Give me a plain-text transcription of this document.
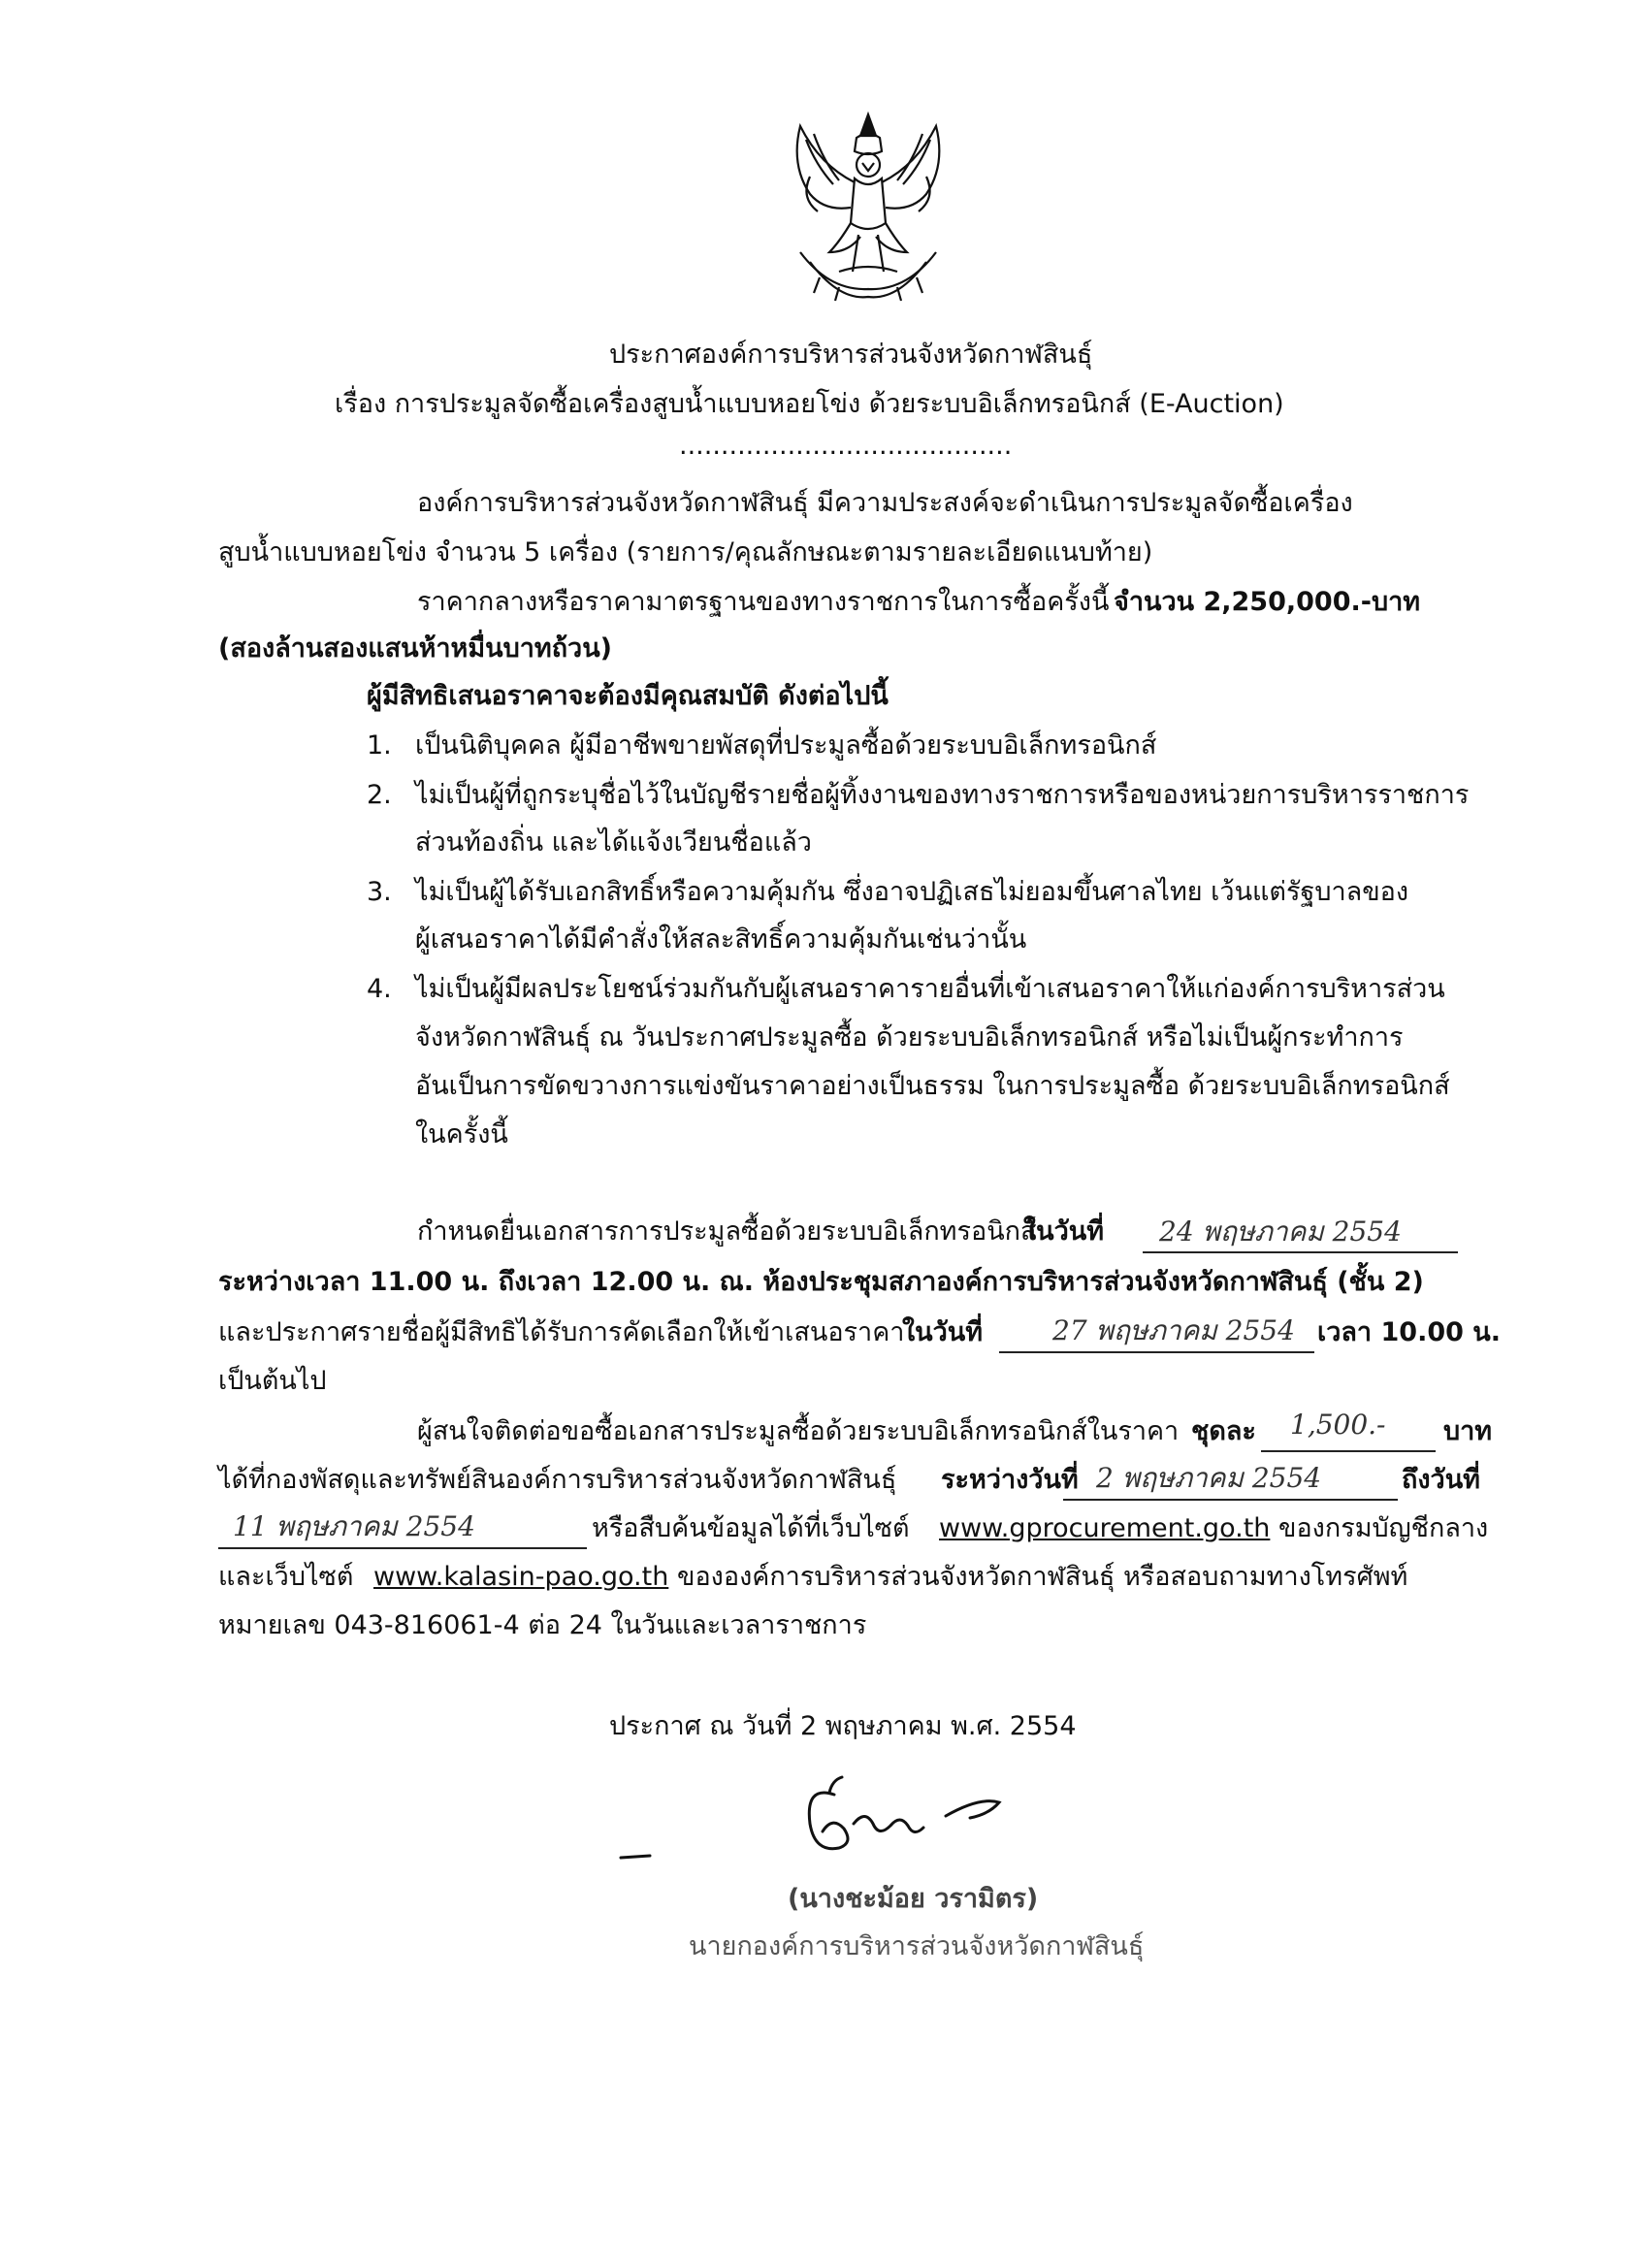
ประกาศองค์การบริหารส่วนจังหวัดกาฬสินธุ์
เรื่อง การประมูลจัดซื้อเครื่องสูบน้ำแบบหอยโข่ง ด้วยระบบอิเล็กทรอนิกส์ (E-Auction)
........................................
องค์การบริหารส่วนจังหวัดกาฬสินธุ์ มีความประสงค์จะดำเนินการประมูลจัดซื้อเครื่อง
สูบน้ำแบบหอยโข่ง จำนวน 5 เครื่อง (รายการ/คุณลักษณะตามรายละเอียดแนบท้าย)
ราคากลางหรือราคามาตรฐานของทางราชการในการซื้อครั้งนี้ จำนวน 2,250,000.-บาท
(สองล้านสองแสนห้าหมื่นบาทถ้วน)
ผู้มีสิทธิเสนอราคาจะต้องมีคุณสมบัติ ดังต่อไปนี้
1. เป็นนิติบุคคล ผู้มีอาชีพขายพัสดุที่ประมูลซื้อด้วยระบบอิเล็กทรอนิกส์
2. ไม่เป็นผู้ที่ถูกระบุชื่อไว้ในบัญชีรายชื่อผู้ทิ้งงานของทางราชการหรือของหน่วยการบริหารราชการ
ส่วนท้องถิ่น และได้แจ้งเวียนชื่อแล้ว
3. ไม่เป็นผู้ได้รับเอกสิทธิ์หรือความคุ้มกัน ซึ่งอาจปฏิเสธไม่ยอมขึ้นศาลไทย เว้นแต่รัฐบาลของ
ผู้เสนอราคาได้มีคำสั่งให้สละสิทธิ์ความคุ้มกันเช่นว่านั้น
4. ไม่เป็นผู้มีผลประโยชน์ร่วมกันกับผู้เสนอราคารายอื่นที่เข้าเสนอราคาให้แก่องค์การบริหารส่วน
จังหวัดกาฬสินธุ์ ณ วันประกาศประมูลซื้อ ด้วยระบบอิเล็กทรอนิกส์ หรือไม่เป็นผู้กระทำการ
อันเป็นการขัดขวางการแข่งขันราคาอย่างเป็นธรรม ในการประมูลซื้อ ด้วยระบบอิเล็กทรอนิกส์
ในครั้งนี้
กำหนดยื่นเอกสารการประมูลซื้อด้วยระบบอิเล็กทรอนิกส์
ในวันที่ 24 พฤษภาคม 2554
ระหว่างเวลา 11.00 น. ถึงเวลา 12.00 น. ณ. ห้องประชุมสภาองค์การบริหารส่วนจังหวัดกาฬสินธุ์ (ชั้น 2)
และประกาศรายชื่อผู้มีสิทธิได้รับการคัดเลือกให้เข้าเสนอราคา
ในวันที่	27 พฤษภาคม 2554 เวลา 10.00 น.
เป็นต้นไป
ผู้สนใจติดต่อขอซื้อเอกสารประมูลซื้อด้วยระบบอิเล็กทรอนิกส์ในราคา ชุดละ 1,500.- บาท
ได้ที่กองพัสดุและทรัพย์สินองค์การบริหารส่วนจังหวัดกาฬสินธุ์ ระหว่างวันที่ 2 พฤษภาคม 2554	ถึงวันที่
11 พฤษภาคม 2554	หรือสืบค้นข้อมูลได้ที่เว็บไซต์ www.gprocurement.go.th ของกรมบัญชีกลาง
และเว็บไซต์ www.kalasin-pao.go.th ขององค์การบริหารส่วนจังหวัดกาฬสินธุ์ หรือสอบถามทางโทรศัพท์
หมายเลข 043-816061-4 ต่อ 24 ในวันและเวลาราชการ
ประกาศ ณ วันที่ 2 พฤษภาคม พ.ศ. 2554
(นางชะม้อย วรามิตร)
นายกองค์การบริหารส่วนจังหวัดกาฬสินธุ์
